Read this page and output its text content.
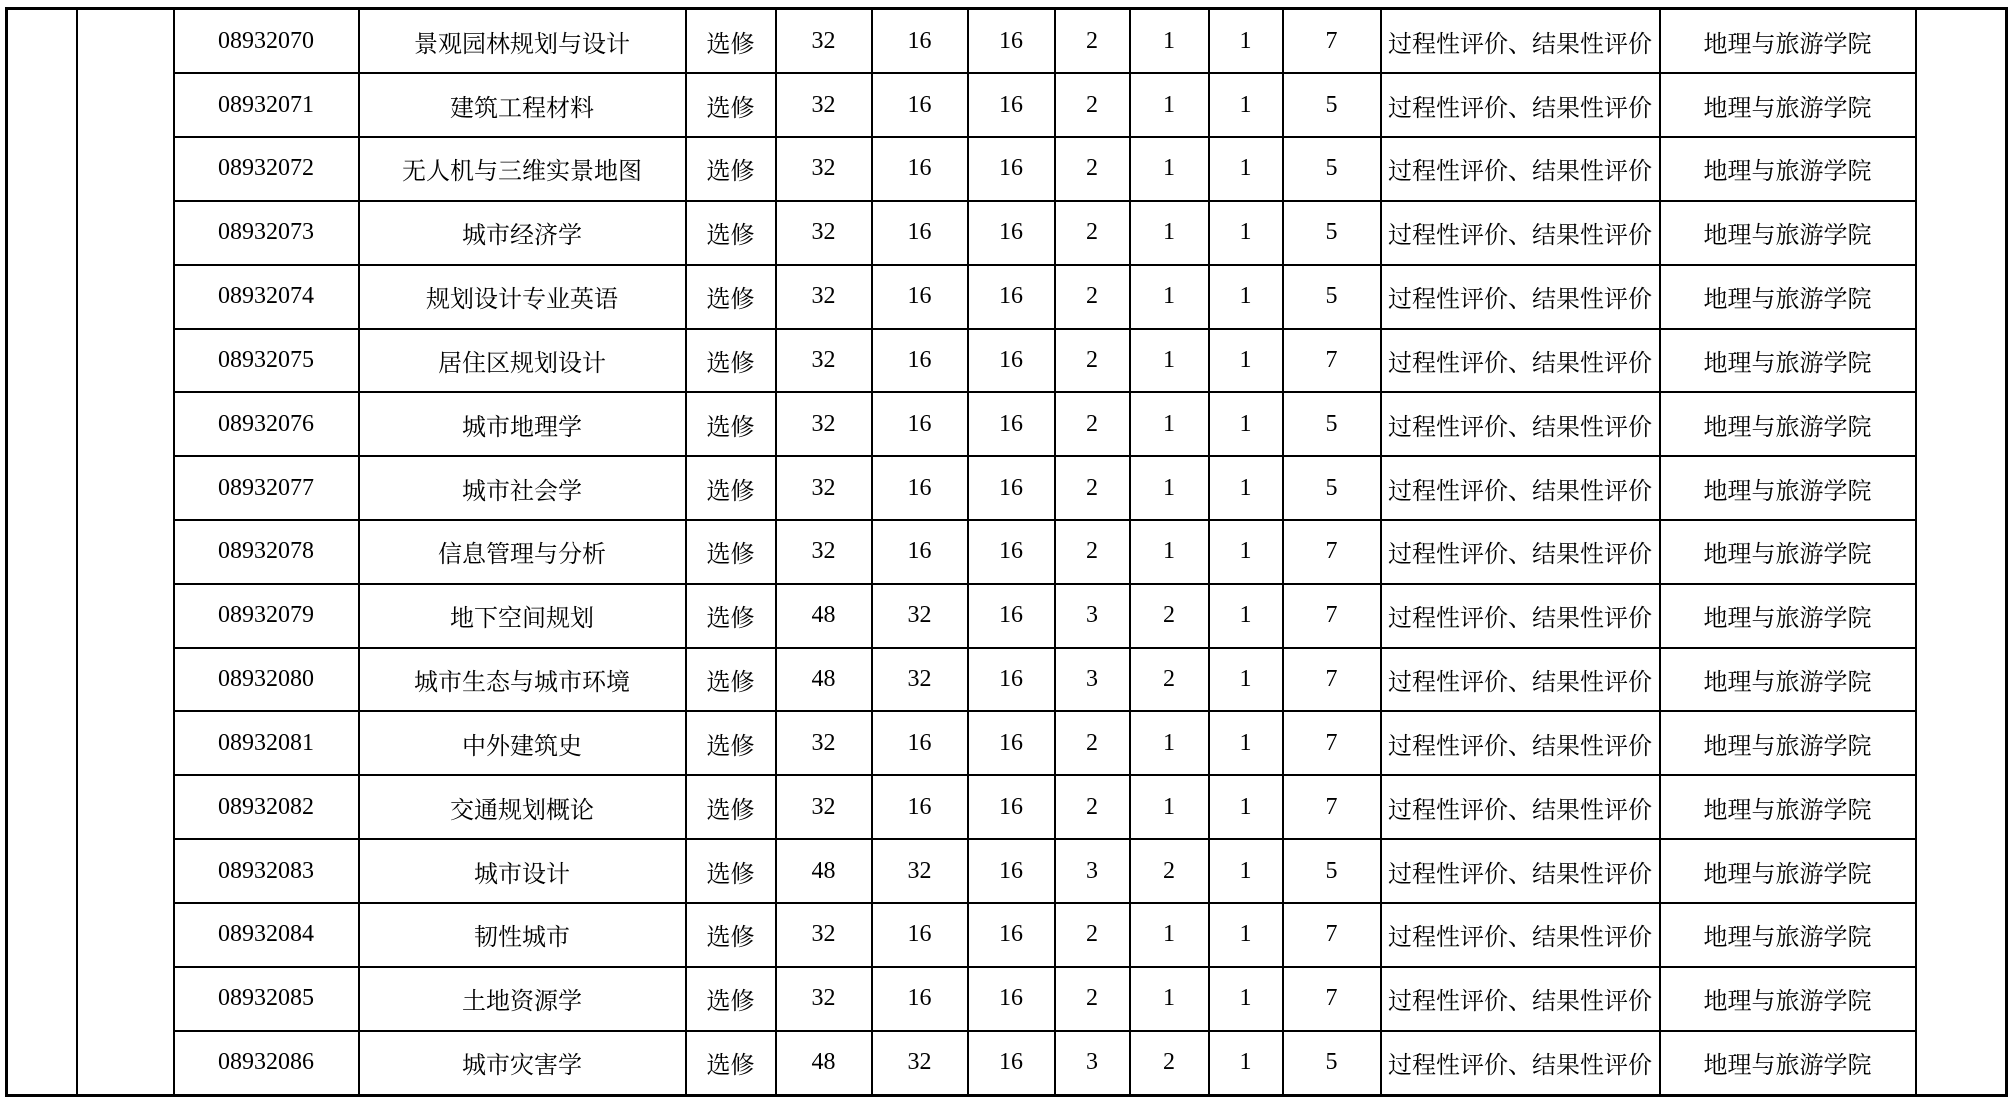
		08932070	景观园林规划与设计	选修	32	16	16	2	1	1	7	过程性评价、结果性评价	地理与旅游学院	
		08932071	建筑工程材料	选修	32	16	16	2	1	1	5	过程性评价、结果性评价	地理与旅游学院	
		08932072	无人机与三维实景地图	选修	32	16	16	2	1	1	5	过程性评价、结果性评价	地理与旅游学院	
		08932073	城市经济学	选修	32	16	16	2	1	1	5	过程性评价、结果性评价	地理与旅游学院	
		08932074	规划设计专业英语	选修	32	16	16	2	1	1	5	过程性评价、结果性评价	地理与旅游学院	
		08932075	居住区规划设计	选修	32	16	16	2	1	1	7	过程性评价、结果性评价	地理与旅游学院	
		08932076	城市地理学	选修	32	16	16	2	1	1	5	过程性评价、结果性评价	地理与旅游学院	
		08932077	城市社会学	选修	32	16	16	2	1	1	5	过程性评价、结果性评价	地理与旅游学院	
		08932078	信息管理与分析	选修	32	16	16	2	1	1	7	过程性评价、结果性评价	地理与旅游学院	
		08932079	地下空间规划	选修	48	32	16	3	2	1	7	过程性评价、结果性评价	地理与旅游学院	
		08932080	城市生态与城市环境	选修	48	32	16	3	2	1	7	过程性评价、结果性评价	地理与旅游学院	
		08932081	中外建筑史	选修	32	16	16	2	1	1	7	过程性评价、结果性评价	地理与旅游学院	
		08932082	交通规划概论	选修	32	16	16	2	1	1	7	过程性评价、结果性评价	地理与旅游学院	
		08932083	城市设计	选修	48	32	16	3	2	1	5	过程性评价、结果性评价	地理与旅游学院	
		08932084	韧性城市	选修	32	16	16	2	1	1	7	过程性评价、结果性评价	地理与旅游学院	
		08932085	土地资源学	选修	32	16	16	2	1	1	7	过程性评价、结果性评价	地理与旅游学院	
		08932086	城市灾害学	选修	48	32	16	3	2	1	5	过程性评价、结果性评价	地理与旅游学院	
